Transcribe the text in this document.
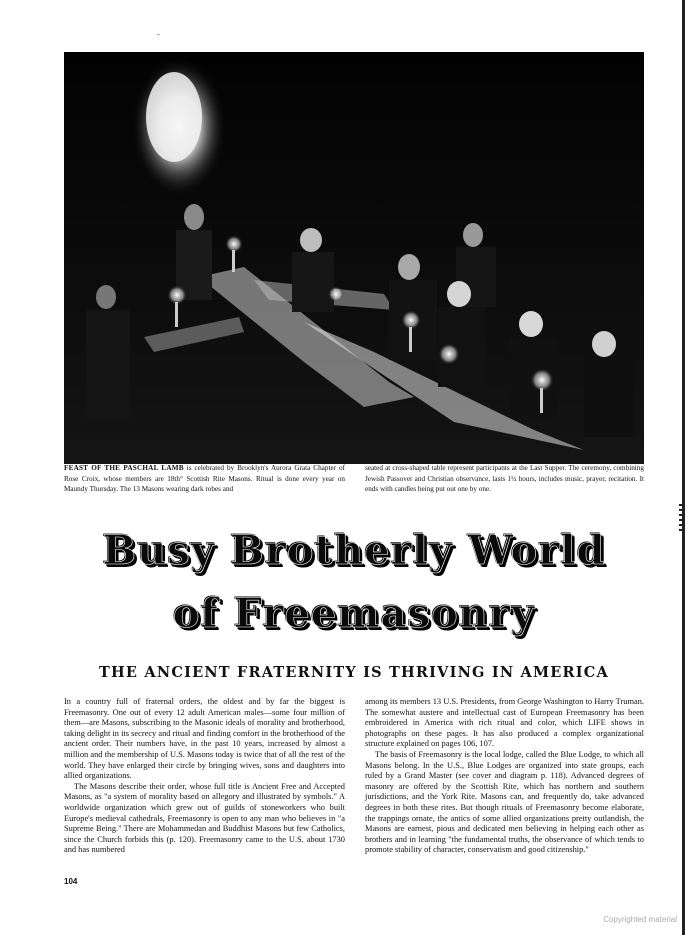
-
FEAST OF THE PASCHAL LAMB is celebrated by Brooklyn's Aurora Grata Chapter of Rose Croix, whose members are 18th° Scottish Rite Masons. Ritual is done every year on Maundy Thursday. The 13 Masons wearing dark robes and
seated at cross-shaped table represent participants at the Last Supper. The ceremony, combining Jewish Passover and Christian observance, lasts 1½ hours, includes music, prayer, recitation. It ends with candles being put out one by one.
Busy Brotherly World
of Freemasonry
THE ANCIENT FRATERNITY IS THRIVING IN AMERICA

In a country full of fraternal orders, the oldest and by far the biggest is Freemasonry. One out of every 12 adult American males—some four million of them—are Masons, subscribing to the Masonic ideals of morality and brotherhood, taking delight in its secrecy and ritual and finding comfort in the brotherhood of the ancient order. Their numbers have, in the past 10 years, increased by almost a million and the membership of U.S. Masons today is twice that of all the rest of the world. They have enlarged their circle by bringing wives, sons and daughters into allied organizations.

The Masons describe their order, whose full title is Ancient Free and Accepted Masons, as "a system of morality based on allegory and illustrated by symbols." A worldwide organization which grew out of guilds of stoneworkers who built Europe's medieval cathedrals, Freemasonry is open to any man who believes in "a Supreme Being." There are Mohammedan and Buddhist Masons but few Catholics, since the Church forbids this (p. 120). Freemasonry came to the U.S. about 1730 and has numbered

among its members 13 U.S. Presidents, from George Washington to Harry Truman. The somewhat austere and intellectual cast of European Freemasonry has been embroidered in America with rich ritual and color, which LIFE shows in photographs on these pages. It has also produced a complex organizational structure explained on pages 106, 107.

The basis of Freemasonry is the local lodge, called the Blue Lodge, to which all Masons belong. In the U.S., Blue Lodges are organized into state groups, each ruled by a Grand Master (see cover and diagram p. 118). Advanced degrees of masonry are offered by the Scottish Rite, which has northern and southern jurisdictions, and the York Rite. Masons can, and frequently do, take advanced degrees in both these rites. But though rituals of Freemasonry become elaborate, the trappings ornate, the antics of some allied organizations pretty outlandish, the Masons are earnest, pious and dedicated men believing in helping each other as brothers and in learning "the fundamental truths, the observance of which tends to promote stability of character, conservatism and good citizenship."

104
Copyrighted material
